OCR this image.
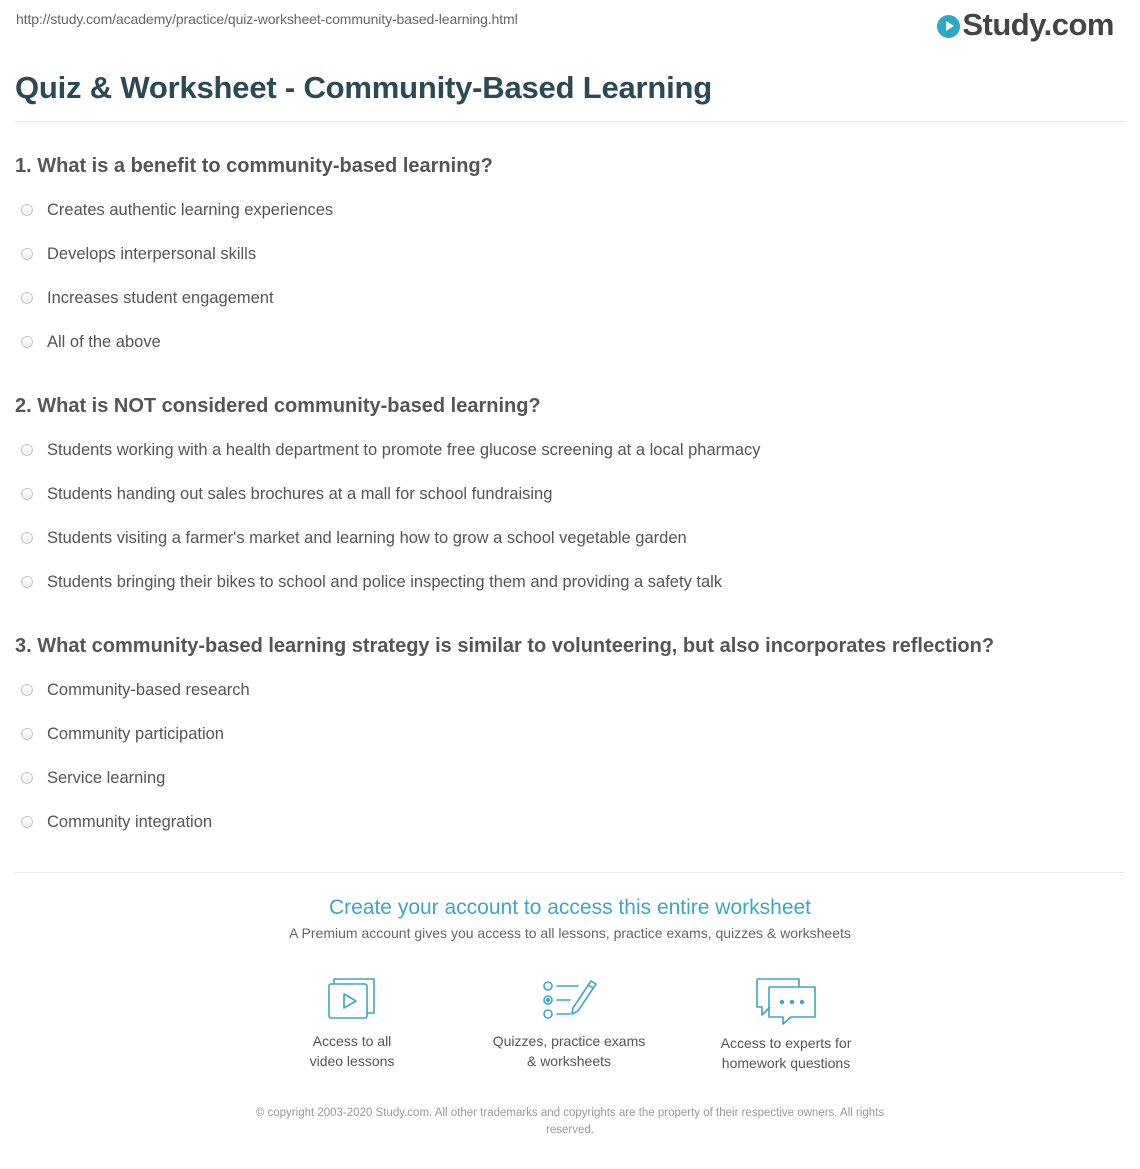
http://study.com/academy/practice/quiz-worksheet-community-based-learning.html	Study.com
Quiz & Worksheet - Community-Based Learning
1. What is a benefit to community-based learning?
Creates authentic learning experiences
Develops interpersonal skills
Increases student engagement
All of the above
2. What is NOT considered community-based learning?
Students working with a health department to promote free glucose screening at a local pharmacy
Students handing out sales brochures at a mall for school fundraising
Students visiting a farmer's market and learning how to grow a school vegetable garden
Students bringing their bikes to school and police inspecting them and providing a safety talk
3. What community-based learning strategy is similar to volunteering, but also incorporates reflection?
Community-based research
Community participation
Service learning
Community integration
Create your account to access this entire worksheet
A Premium account gives you access to all lessons, practice exams, quizzes & worksheets
Access to all
video lessons
Quizzes, practice exams
& worksheets
Access to experts for
homework questions
© copyright 2003-2020 Study.com. All other trademarks and copyrights are the property of their respective owners. All rights
reserved.
